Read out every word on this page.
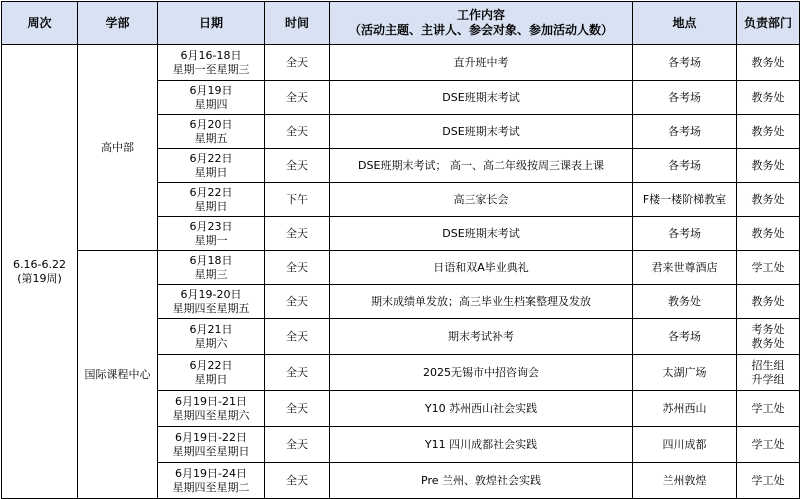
周次	学部	日期	时间	工作内容
（活动主题、主讲人、参会对象、参加活动人数）	地点	负责部门

6.16-6.22
(第19周)	高中部	6月16-18日
星期一至星期三	全天	直升班中考	各考场	教务处

		6月19日
星期四	全天	DSE班期末考试	各考场	教务处

		6月20日
星期五	全天	DSE班期末考试	各考场	教务处

		6月22日
星期日	全天	DSE班期末考试； 高一、高二年级按周三课表上课	各考场	教务处

		6月22日
星期日	下午	高三家长会	F楼一楼阶梯教室	教务处

		6月23日
星期一	全天	DSE班期末考试	各考场	教务处

	国际课程中心	6月18日
星期三	全天	日语和双A毕业典礼	君来世尊酒店	学工处

		6月19-20日
星期四至星期五	全天	期末成绩单发放；高三毕业生档案整理及发放	教务处	教务处

		6月21日
星期六	全天	期末考试补考	各考场	考务处
教务处

		6月22日
星期日	全天	2025无锡市中招咨询会	太湖广场	招生组
升学组

		6月19日-21日
星期四至星期六	全天	Y10 苏州西山社会实践	苏州西山	学工处

		6月19日-22日
星期四至星期日	全天	Y11 四川成都社会实践	四川成都	学工处

		6月19日-24日
星期四至星期二	全天	Pre 兰州、敦煌社会实践	兰州敦煌	学工处
